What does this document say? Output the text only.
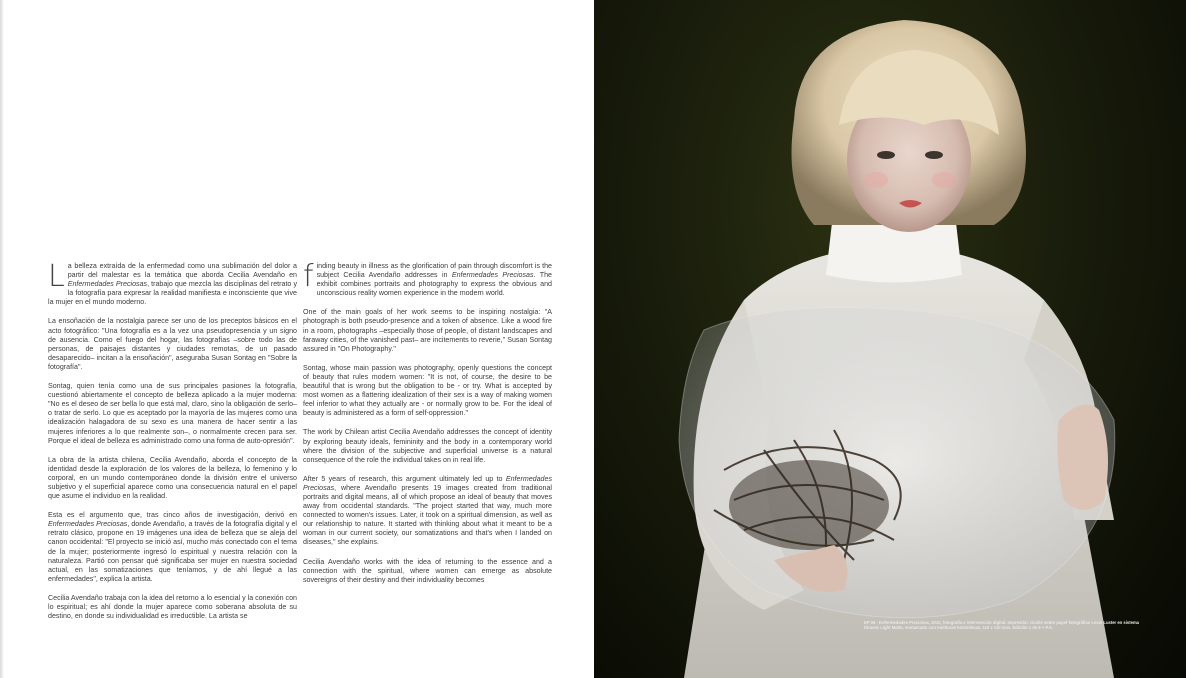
La belleza extraída de la enfermedad como una sublimación del dolor a partir del malestar es la temática que aborda Cecilia Avendaño en Enfermedades Preciosas, trabajo que mezcla las disciplinas del retrato y la fotografía para expresar la realidad manifiesta e inconsciente que vive la mujer en el mundo moderno.

La ensoñación de la nostalgia parece ser uno de los preceptos básicos en el acto fotográfico: "Una fotografía es a la vez una pseudopresencia y un signo de ausencia. Como el fuego del hogar, las fotografías –sobre todo las de personas, de paisajes distantes y ciudades remotas, de un pasado desaparecido– incitan a la ensoñación", aseguraba Susan Sontag en "Sobre la fotografía".

Sontag, quien tenía como una de sus principales pasiones la fotografía, cuestionó abiertamente el concepto de belleza aplicado a la mujer moderna: "No es el deseo de ser bella lo que está mal, claro, sino la obligación de serlo–o tratar de serlo. Lo que es aceptado por la mayoría de las mujeres como una idealización halagadora de su sexo es una manera de hacer sentir a las mujeres inferiores a lo que realmente son–, o normalmente crecen para ser. Porque el ideal de belleza es administrado como una forma de auto-opresión".

La obra de la artista chilena, Cecilia Avendaño, aborda el concepto de la identidad desde la exploración de los valores de la belleza, lo femenino y lo corporal, en un mundo contemporáneo donde la división entre el universo subjetivo y el superficial aparece como una consecuencia natural en el papel que asume el individuo en la realidad.

Esta es el argumento que, tras cinco años de investigación, derivó en Enfermedades Preciosas, donde Avendaño, a través de la fotografía digital y el retrato clásico, propone en 19 imágenes una idea de belleza que se aleja del canon occidental: "El proyecto se inició así, mucho más conectado con el tema de la mujer; posteriormente ingresó lo espiritual y nuestra relación con la naturaleza. Partió con pensar qué significaba ser mujer en nuestra sociedad actual, en las somatizaciones que teníamos, y de ahí llegué a las enfermedades", explica la artista.

Cecilia Avendaño trabaja con la idea del retorno a lo esencial y la conexión con lo espiritual; es ahí donde la mujer aparece como soberana absoluta de su destino, en donde su individualidad es irreductible. La artista se

finding beauty in illness as the glorification of pain through discomfort is the subject Cecilia Avendaño addresses in Enfermedades Preciosas. The exhibit combines portraits and photography to express the obvious and unconscious reality women experience in the modern world.

One of the main goals of her work seems to be inspiring nostalgia: "A photograph is both pseudo-presence and a token of absence. Like a wood fire in a room, photographs –especially those of people, of distant landscapes and faraway cities, of the vanished past– are incitements to reverie," Susan Sontag assured in "On Photography."

Sontag, whose main passion was photography, openly questions the concept of beauty that rules modern women: "It is not, of course, the desire to be beautiful that is wrong but the obligation to be - or try. What is accepted by most women as a flattering idealization of their sex is a way of making women feel inferior to what they actually are - or normally grow to be. For the ideal of beauty is administered as a form of self-oppression."

The work by Chilean artist Cecilia Avendaño addresses the concept of identity by exploring beauty ideals, femininity and the body in a contemporary world where the division of the subjective and superficial universe is a natural consequence of the role the individual takes on in real life.

After 5 years of research, this argument ultimately led up to Enfermedades Preciosas, where Avendaño presents 19 images created from traditional portraits and digital means, all of which propose an ideal of beauty that moves away from occidental standards. "The project started that way, much more connected to women's issues. Later, it took on a spiritual dimension, as well as our relationship to nature. It started with thinking about what it meant to be a woman in our current society, our somatizations and that's when I landed on diseases," she explains.

Cecilia Avendaño works with the idea of returning to the essence and a connection with the spiritual, where women can emerge as absolute sovereigns of their destiny and their individuality becomes

EP 09 - Enfermedades Preciosas, 2010, fotografía e intervención digital. Impresión: Giclée sobre papel fotográfico Lexis Luster en sistema Dirasec Light Matte, enmarcado con molduras holandesas, 110 x 110 cms. Edición 1 de 6 + P.A.
